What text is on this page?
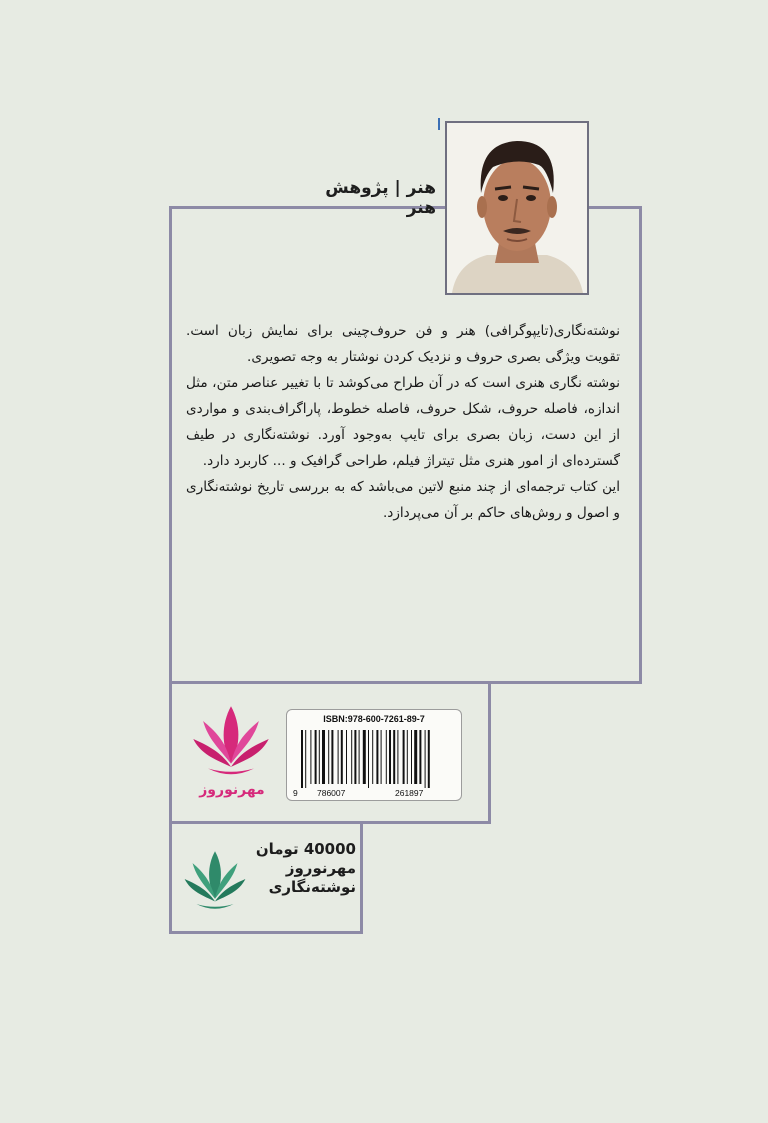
هنر | پژوهش هنر

نوشته‌نگاری(تایپوگرافی) هنر و فن حروف‌چینی برای نمایش زبان است. تقویت ویژگی بصری حروف و نزدیک کردن نوشتار به وجه تصویری.

نوشته نگاری هنری است که در آن طراح می‌کوشد تا با تغییر عناصر متن، مثل اندازه، فاصله حروف، شکل حروف، فاصله خطوط، پاراگراف‌بندی و مواردی از این دست، زبان بصری برای تایپ به‌وجود آورد. نوشته‌نگاری در طیف گسترده‌ای از امور هنری مثل تیتراژ فیلم، طراحی گرافیک و ... کاربرد دارد.

این کتاب ترجمه‌ای از چند منبع لاتین می‌باشد که به بررسی تاریخ نوشته‌نگاری و اصول و روش‌های حاکم بر آن می‌پردازد.

ISBN:978-600-7261-89-7
9 786007	261897
مهرنوروز
40000 تومان
مهرنوروز
نوشته‌نگاری
